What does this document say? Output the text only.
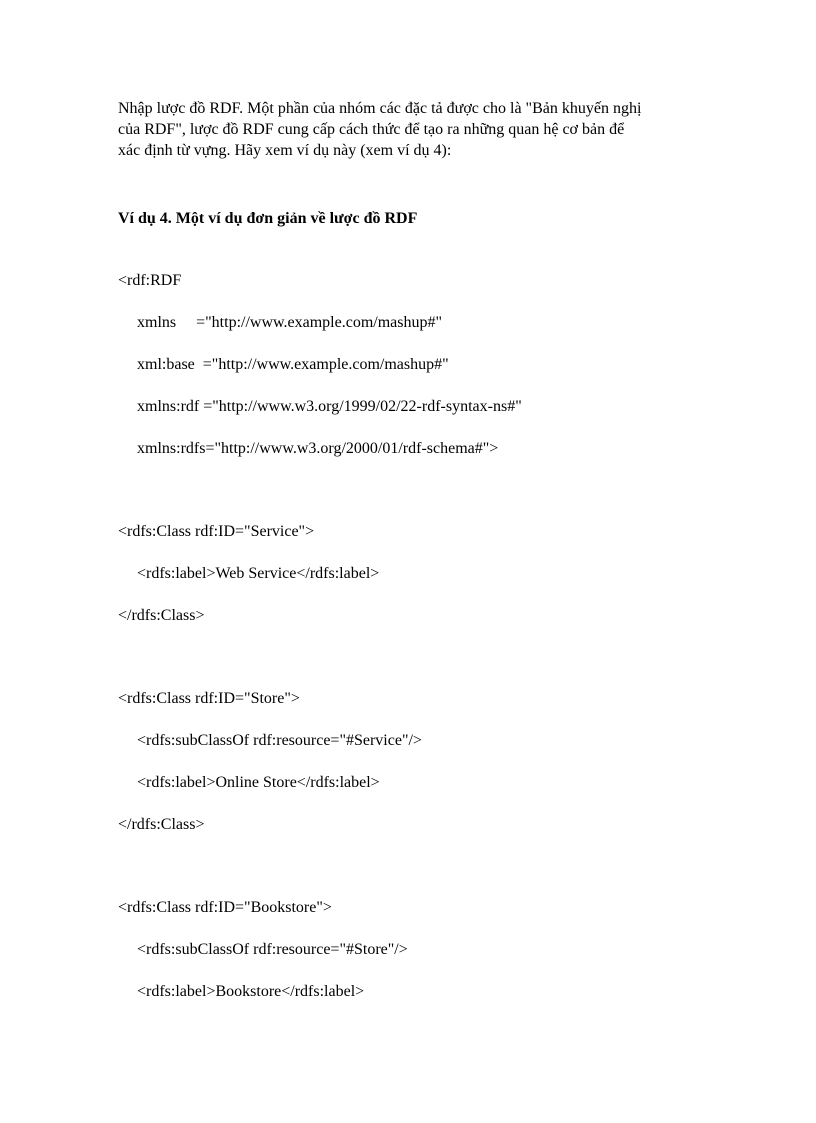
Nhập lược đồ RDF. Một phần của nhóm các đặc tả được cho là "Bản khuyến nghị
của RDF", lược đồ RDF cung cấp cách thức để tạo ra những quan hệ cơ bản để
xác định từ vựng. Hãy xem ví dụ này (xem ví dụ 4):
Ví dụ 4. Một ví dụ đơn giản về lược đồ RDF
<rdf:RDF
xmlns     ="http://www.example.com/mashup#"
xml:base  ="http://www.example.com/mashup#"
xmlns:rdf ="http://www.w3.org/1999/02/22-rdf-syntax-ns#"
xmlns:rdfs="http://www.w3.org/2000/01/rdf-schema#">
<rdfs:Class rdf:ID="Service">
<rdfs:label>Web Service</rdfs:label>
</rdfs:Class>
<rdfs:Class rdf:ID="Store">
<rdfs:subClassOf rdf:resource="#Service"/>
<rdfs:label>Online Store</rdfs:label>
</rdfs:Class>
<rdfs:Class rdf:ID="Bookstore">
<rdfs:subClassOf rdf:resource="#Store"/>
<rdfs:label>Bookstore</rdfs:label>
